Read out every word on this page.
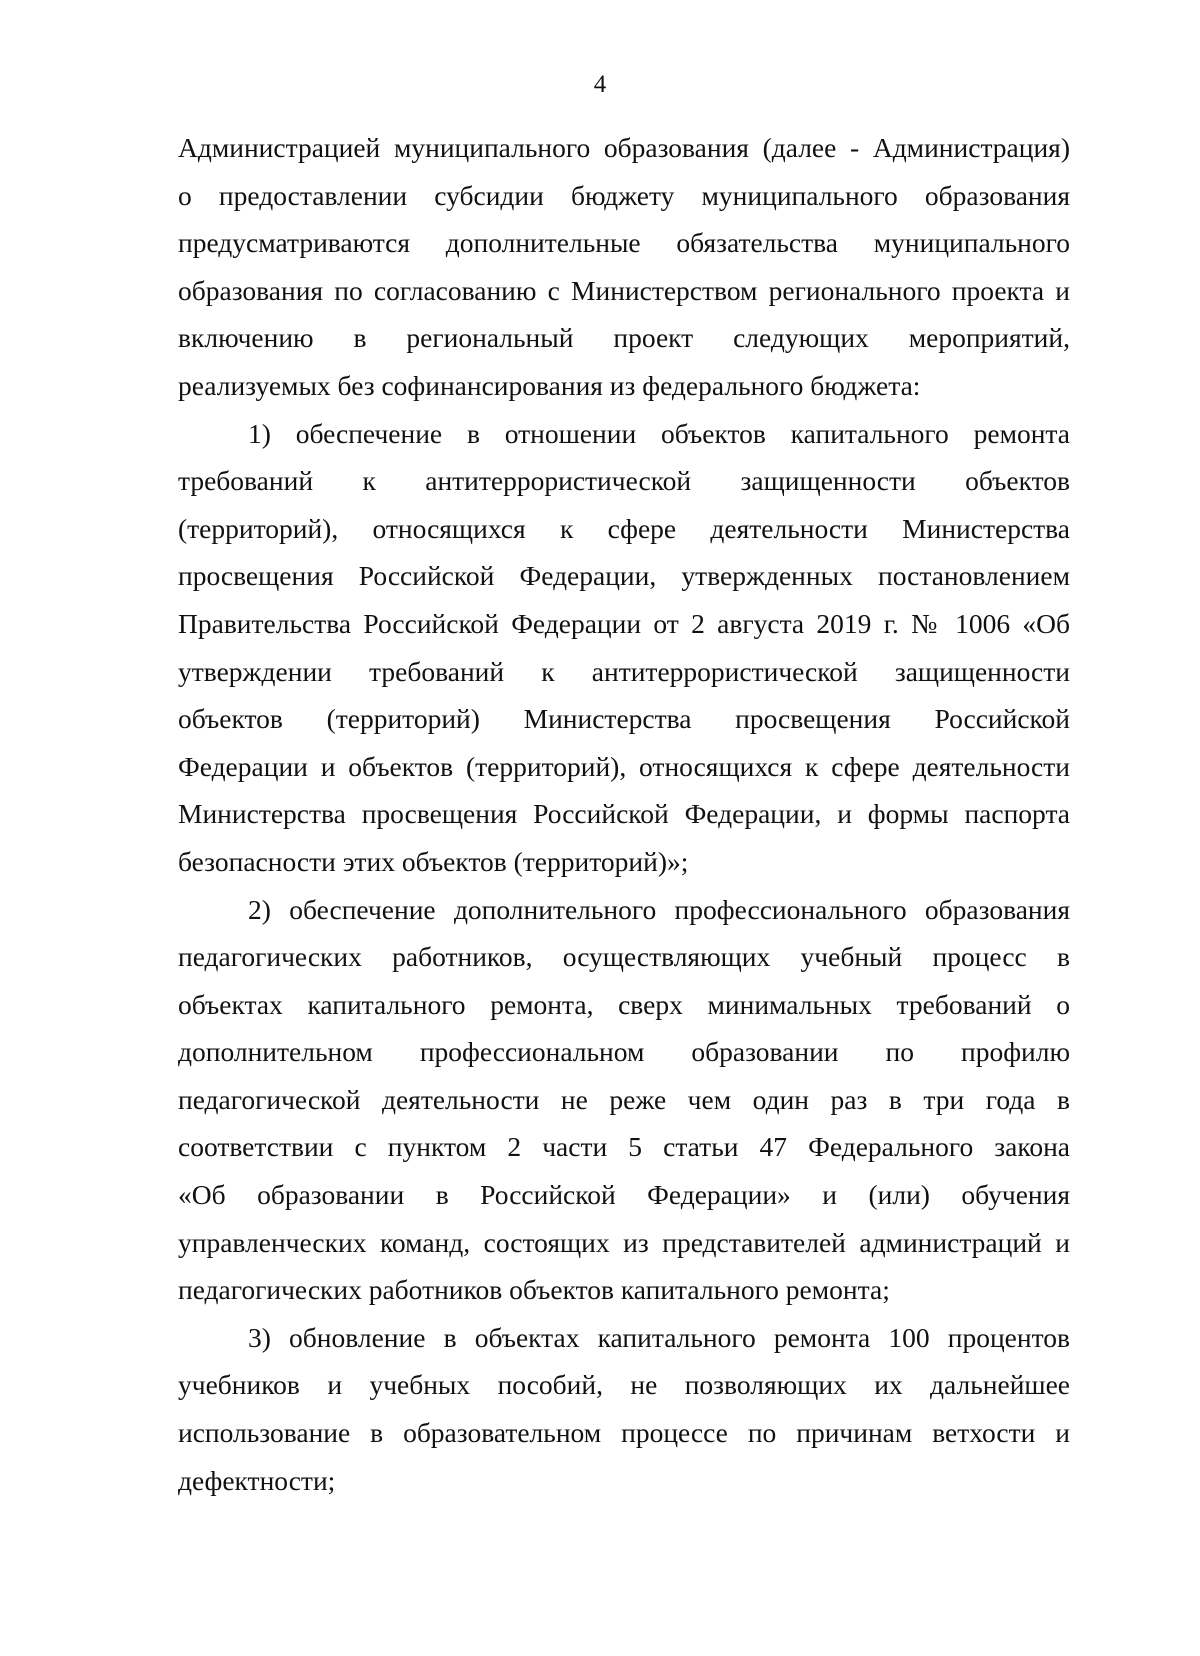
4

Администрацией муниципального образования (далее - Администрация)
о предоставлении субсидии бюджету муниципального образования
предусматриваются дополнительные обязательства муниципального
образования по согласованию с Министерством регионального проекта и
включению в региональный проект следующих мероприятий,
реализуемых без софинансирования из федерального бюджета:

1) обеспечение в отношении объектов капитального ремонта
требований к антитеррористической защищенности объектов
(территорий), относящихся к сфере деятельности Министерства
просвещения Российской Федерации, утвержденных постановлением
Правительства Российской Федерации от 2 августа 2019 г. № 1006 «Об
утверждении требований к антитеррористической защищенности
объектов (территорий) Министерства просвещения Российской
Федерации и объектов (территорий), относящихся к сфере деятельности
Министерства просвещения Российской Федерации, и формы паспорта
безопасности этих объектов (территорий)»;

2) обеспечение дополнительного профессионального образования
педагогических работников, осуществляющих учебный процесс в
объектах капитального ремонта, сверх минимальных требований о
дополнительном профессиональном образовании по профилю
педагогической деятельности не реже чем один раз в три года в
соответствии с пунктом 2 части 5 статьи 47 Федерального закона
«Об образовании в Российской Федерации» и (или) обучения
управленческих команд, состоящих из представителей администраций и
педагогических работников объектов капитального ремонта;

3) обновление в объектах капитального ремонта 100 процентов
учебников и учебных пособий, не позволяющих их дальнейшее
использование в образовательном процессе по причинам ветхости и
дефектности;
